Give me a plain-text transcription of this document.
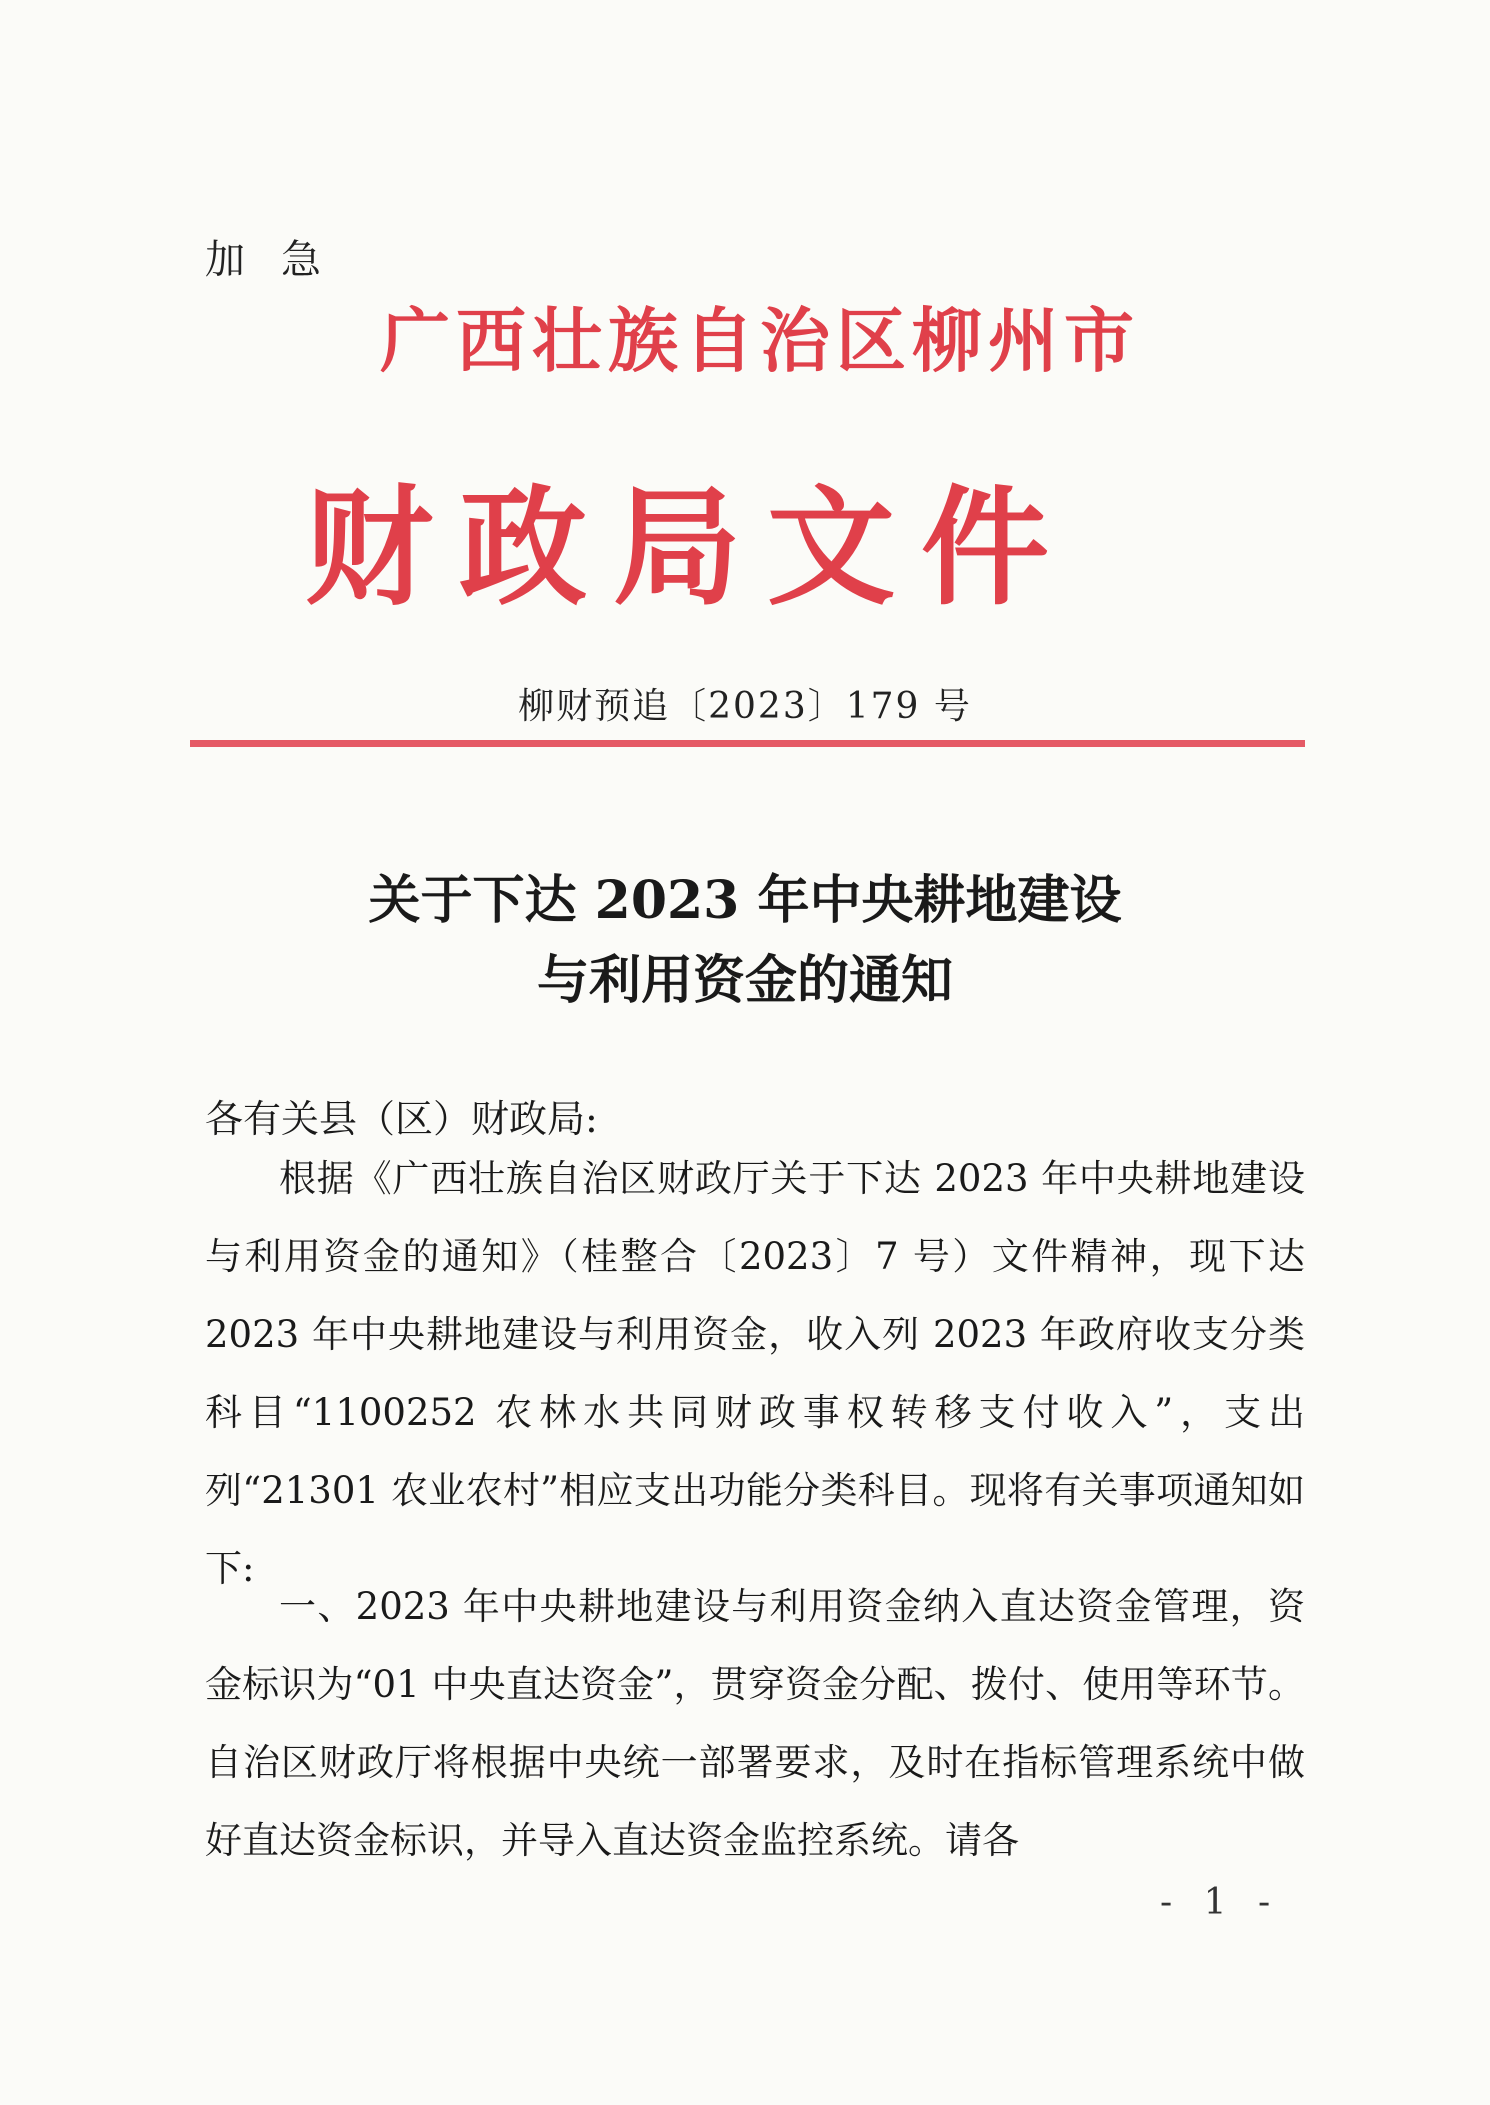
加急
广西壮族自治区柳州市
财政局文件
柳财预追〔2023〕179 号
关于下达 2023 年中央耕地建设
与利用资金的通知
各有关县（区）财政局:

根据《广西壮族自治区财政厅关于下达 2023 年中央耕地建设与利用资金的通知》（桂整合〔2023〕7 号）文件精神，现下达 2023 年中央耕地建设与利用资金，收入列 2023 年政府收支分类科目“1100252 农林水共同财政事权转移支付收入”，支出列“21301 农业农村”相应支出功能分类科目。现将有关事项通知如下:

一、2023 年中央耕地建设与利用资金纳入直达资金管理，资金标识为“01 中央直达资金”，贯穿资金分配、拨付、使用等环节。自治区财政厅将根据中央统一部署要求，及时在指标管理系统中做好直达资金标识，并导入直达资金监控系统。请各

- 1 -
